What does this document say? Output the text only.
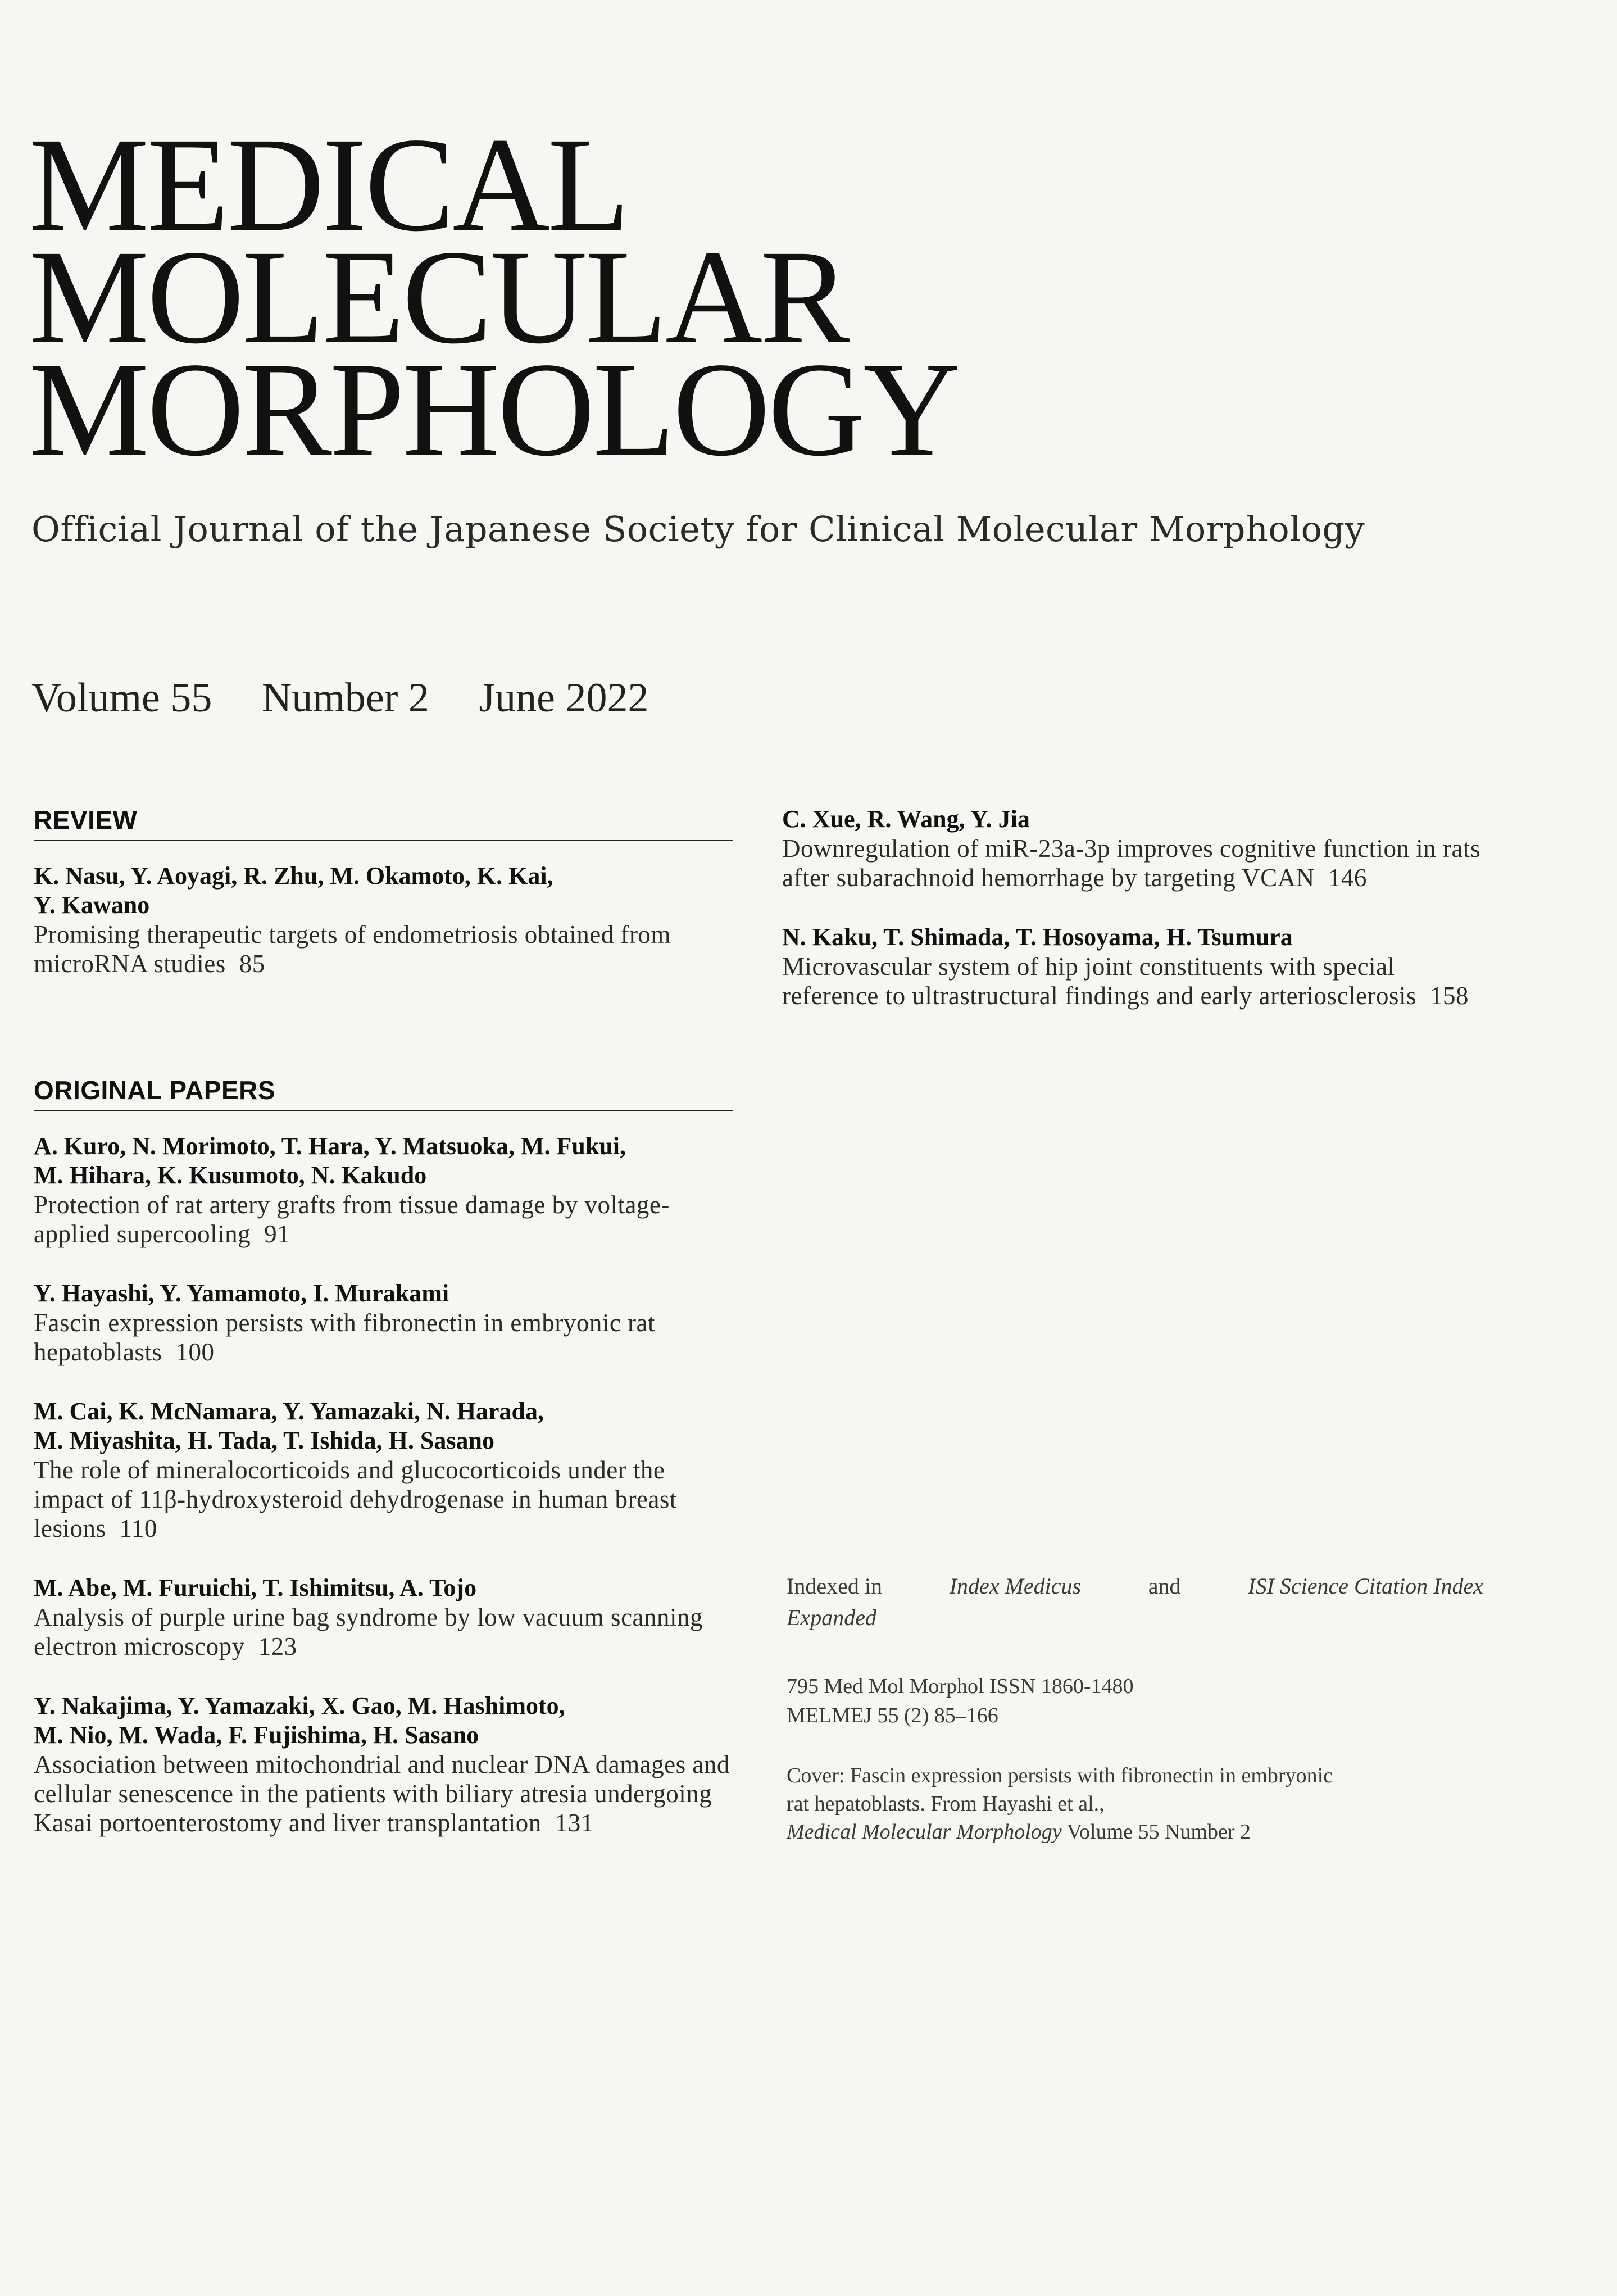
MEDICAL
MOLECULAR
MORPHOLOGY
Official Journal of the Japanese Society for Clinical Molecular Morphology
Volume 55 Number 2 June 2022
REVIEW
K. Nasu, Y. Aoyagi, R. Zhu, M. Okamoto, K. Kai,
Y. Kawano
Promising therapeutic targets of endometriosis obtained from microRNA studies 85
ORIGINAL PAPERS
A. Kuro, N. Morimoto, T. Hara, Y. Matsuoka, M. Fukui,
M. Hihara, K. Kusumoto, N. Kakudo
Protection of rat artery grafts from tissue damage by voltage-applied supercooling 91
Y. Hayashi, Y. Yamamoto, I. Murakami
Fascin expression persists with fibronectin in embryonic rat hepatoblasts 100
M. Cai, K. McNamara, Y. Yamazaki, N. Harada,
M. Miyashita, H. Tada, T. Ishida, H. Sasano
The role of mineralocorticoids and glucocorticoids under the impact of 11β-hydroxysteroid dehydrogenase in human breast lesions 110
M. Abe, M. Furuichi, T. Ishimitsu, A. Tojo
Analysis of purple urine bag syndrome by low vacuum scanning electron microscopy 123
Y. Nakajima, Y. Yamazaki, X. Gao, M. Hashimoto,
M. Nio, M. Wada, F. Fujishima, H. Sasano
Association between mitochondrial and nuclear DNA damages and cellular senescence in the patients with biliary atresia undergoing Kasai portoenterostomy and liver transplantation 131
C. Xue, R. Wang, Y. Jia
Downregulation of miR-23a-3p improves cognitive function in rats after subarachnoid hemorrhage by targeting VCAN 146
N. Kaku, T. Shimada, T. Hosoyama, H. Tsumura
Microvascular system of hip joint constituents with special reference to ultrastructural findings and early arteriosclerosis 158
Indexed in	Index Medicus	and	ISI Science Citation Index
Expanded
795 Med Mol Morphol ISSN 1860-1480
MELMEJ 55 (2) 85–166
Cover: Fascin expression persists with fibronectin in embryonic
rat hepatoblasts. From Hayashi et al.,
Medical Molecular Morphology Volume 55 Number 2
